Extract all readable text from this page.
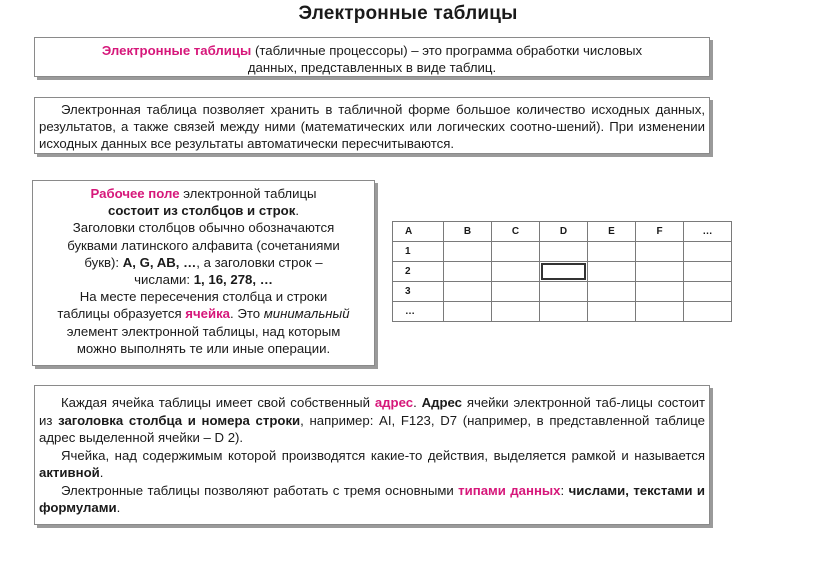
Электронные таблицы
Электронные таблицы (табличные процессоры) – это программа обработки числовых
данных, представленных в виде таблиц.

Электронная таблица позволяет хранить в табличной форме большое количество исходных данных, результатов, а также связей между ними (математических или логических соотно-шений). При изменении исходных данных все результаты автоматически пересчитываются.

Рабочее поле электронной таблицы
состоит из столбцов и строк.
Заголовки столбцов обычно обозначаются
буквами латинского алфавита (сочетаниями
букв): A, G, AB, …, а заголовки строк –
числами: 1, 16, 278, …
На месте пересечения столбца и строки
таблицы образуется ячейка. Это минимальный
элемент электронной таблицы, над которым
можно выполнять те или иные операции.
A	B	C	D	E	F	…
1						
2						
3						
…						

Каждая ячейка таблицы имеет свой собственный адрес. Адрес ячейки электронной таб-лицы состоит из заголовка столбца и номера строки, например: AI, F123, D7 (например, в представленной таблице адрес выделенной ячейки – D 2).

Ячейка, над содержимым которой производятся какие-то действия, выделяется рамкой и называется активной.

Электронные таблицы позволяют работать с тремя основными типами данных: числами, текстами и формулами.
